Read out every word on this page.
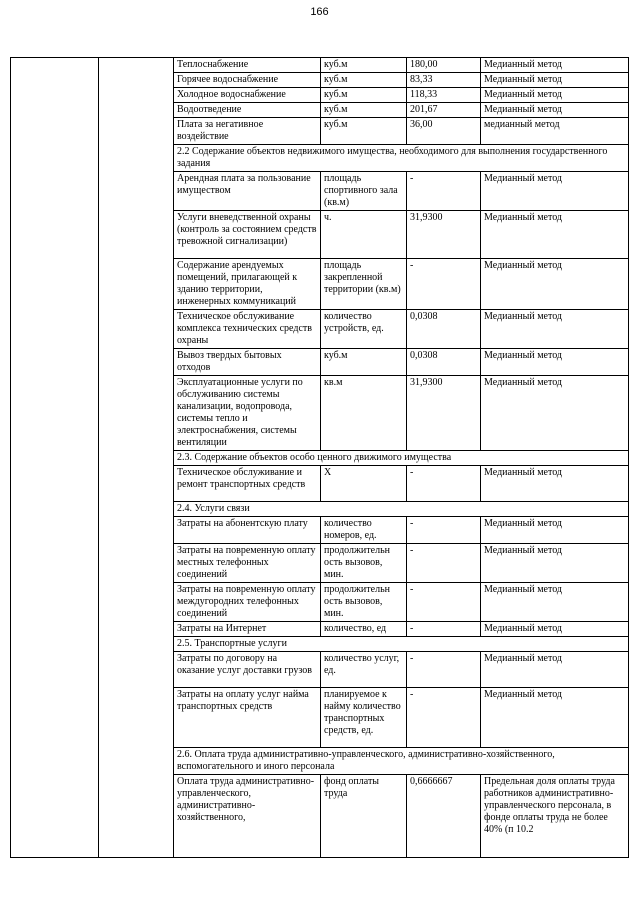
166
		Теплоснабжение	куб.м	180,00	Медианный метод
		Горячее водоснабжение	куб.м	83,33	Медианный метод
		Холодное водоснабжение	куб.м	118,33	Медианный метод
		Водоотведение	куб.м	201,67	Медианный метод
		Плата за негативное воздействие	куб.м	36,00	медианный метод
		2.2 Содержание объектов недвижимого имущества, необходимого для выполнения государственного задания			
		Арендная плата за пользование имуществом	площадь спортивного зала (кв.м)	-	Медианный метод
		Услуги вневедственной охраны (контроль за состоянием средств тревожной сигнализации)	ч.	31,9300	Медианный метод
		Содержание арендуемых помещений, прилагающей к зданию территории, инженерных коммуникаций	площадь закрепленной территории (кв.м)	-	Медианный метод
		Техническое обслуживание комплекса технических средств охраны	количество устройств, ед.	0,0308	Медианный метод
		Вывоз твердых бытовых отходов	куб.м	0,0308	Медианный метод
		Эксплуатационные услуги по обслуживанию системы канализации, водопровода, системы тепло и электроснабжения, системы вентиляции	кв.м	31,9300	Медианный метод
		2.3. Содержание объектов особо ценного движимого имущества			
		Техническое обслуживание и ремонт транспортных средств	Х	-	Медианный метод
		2.4. Услуги связи			
		Затраты на абонентскую плату	количество номеров, ед.	-	Медианный метод
		Затраты на повременную оплату местных телефонных соединений	продолжительн ость вызовов, мин.	-	Медианный метод
		Затраты на повременную оплату междугородних телефонных соединений	продолжительн ость вызовов, мин.	-	Медианный метод
		Затраты на Интернет	количество, ед	-	Медианный метод
		2.5. Транспортные услуги			
		Затраты по договору на оказание услуг доставки грузов	количество услуг, ед.	-	Медианный метод
		Затраты на оплату услуг найма транспортных средств	планируемое к найму количество транспортных средств, ед.	-	Медианный метод
		2.6. Оплата труда административно-управленческого, административно-хозяйственного, вспомогательного и иного персонала			
		Оплата труда административно-управленческого, административно-хозяйственного,	фонд оплаты труда	0,6666667	Предельная доля оплаты труда работников административно-управленческого персонала, в фонде оплаты труда не более 40% (п 10.2
